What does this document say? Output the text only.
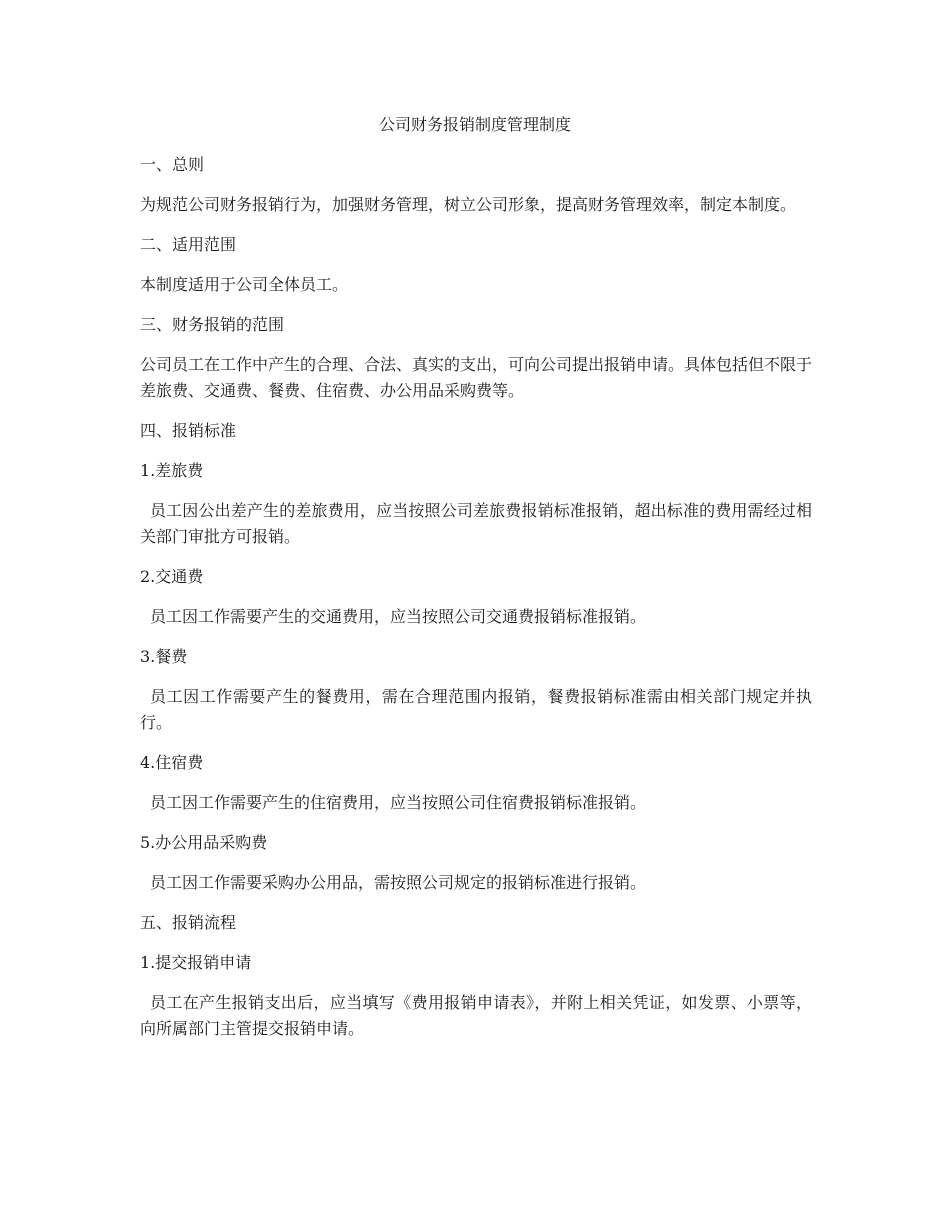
公司财务报销制度管理制度

一、总则

为规范公司财务报销行为，加强财务管理，树立公司形象，提高财务管理效率，制定本制度。

二、适用范围

本制度适用于公司全体员工。

三、财务报销的范围

公司员工在工作中产生的合理、合法、真实的支出，可向公司提出报销申请。具体包括但不限于差旅费、交通费、餐费、住宿费、办公用品采购费等。

四、报销标准

1.差旅费

员工因公出差产生的差旅费用，应当按照公司差旅费报销标准报销，超出标准的费用需经过相关部门审批方可报销。

2.交通费

员工因工作需要产生的交通费用，应当按照公司交通费报销标准报销。

3.餐费

员工因工作需要产生的餐费用，需在合理范围内报销，餐费报销标准需由相关部门规定并执行。

4.住宿费

员工因工作需要产生的住宿费用，应当按照公司住宿费报销标准报销。

5.办公用品采购费

员工因工作需要采购办公用品，需按照公司规定的报销标准进行报销。

五、报销流程

1.提交报销申请

员工在产生报销支出后，应当填写《费用报销申请表》，并附上相关凭证，如发票、小票等，向所属部门主管提交报销申请。
